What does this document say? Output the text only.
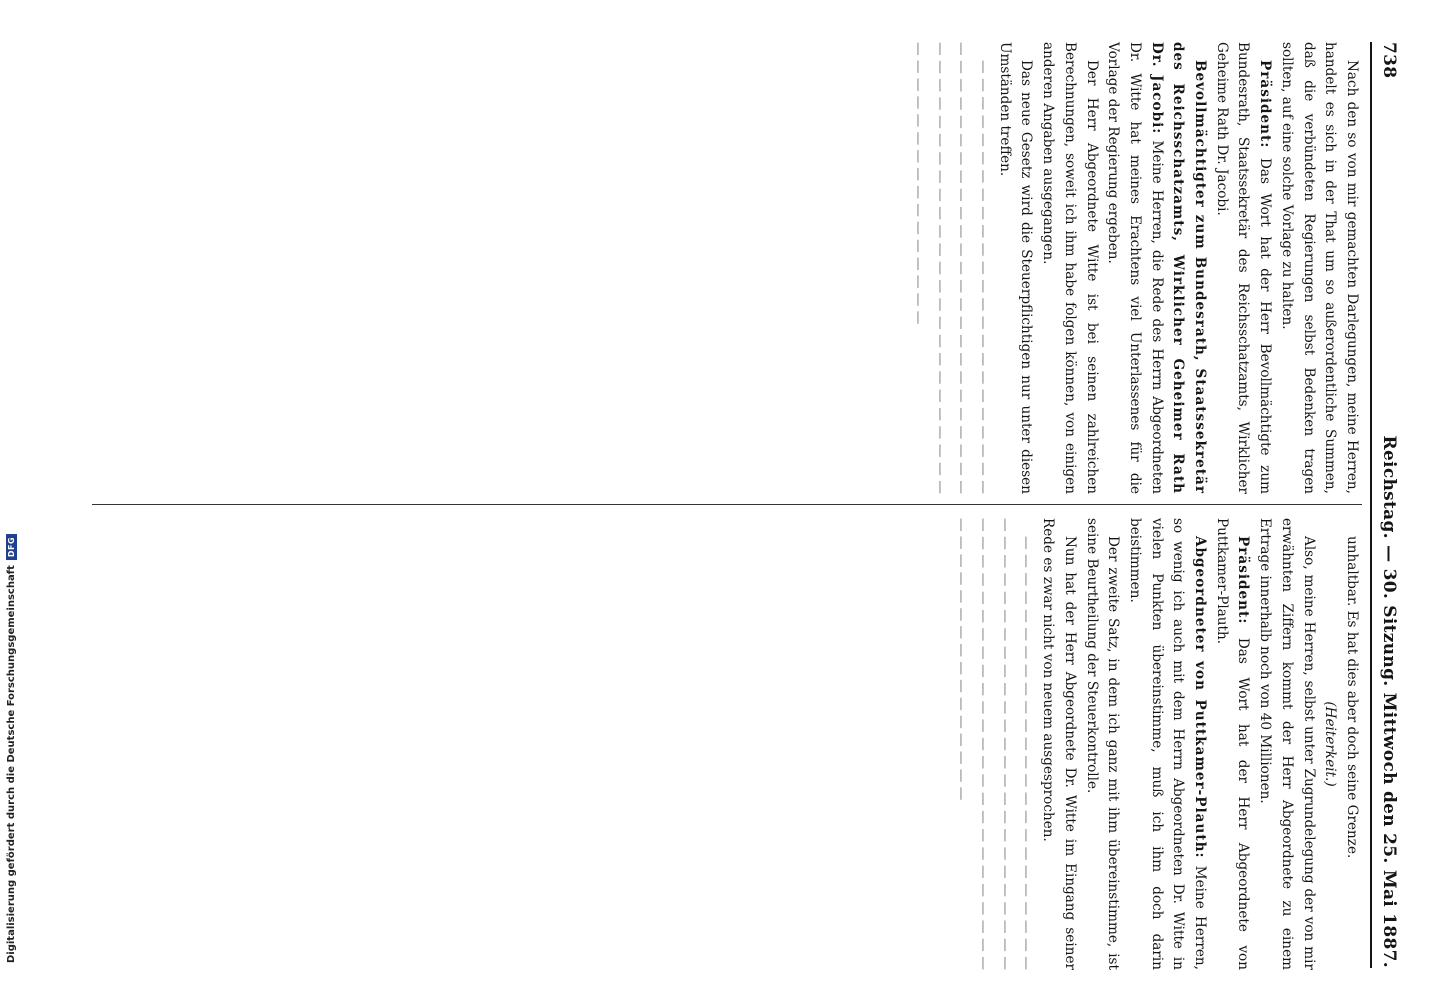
Digitalisierung gefördert durch die Deutsche Forschungsgemeinschaft
DFG
738
Reichstag. — 30. Sitzung. Mittwoch den 25. Mai 1887.

Nach den so von mir gemachten Darlegungen, meine Herren, handelt es sich in der That um so außerordentliche Summen, daß die verbündeten Regierungen selbst Bedenken tragen sollten, auf eine solche Vorlage zu halten.

Präsident: Das Wort hat der Herr Bevollmächtigte zum Bundesrath, Staatssekretär des Reichsschatzamts, Wirklicher Geheime Rath Dr. Jacobi.

Bevollmächtigter zum Bundesrath, Staatssekretär des Reichsschatzamts, Wirklicher Geheimer Rath Dr. Jacobi: Meine Herren, die Rede des Herrn Abgeordneten Dr. Witte hat meines Erachtens viel Unterlassenes für die Vorlage der Regierung ergeben.

Der Herr Abgeordnete Witte ist bei seinen zahlreichen Berechnungen, soweit ich ihm habe folgen können, von einigen anderen Angaben ausgegangen.

Das neue Gesetz wird die Steuerpflichtigen nur unter diesen Umständen treffen.

— — — — — — — — — — — — — — — — — — — — — — — — — — — — — — — — — — — — — — — — — — — — — — — — — — — — — — — — — — — — — — — — — — — — — — — — — — — — — — — — — — — — — — — — — —

unhaltbar. Es hat dies aber doch seine Grenze.

(Heiterkeit.)

Also, meine Herren, selbst unter Zugrundelegung der von mir erwähnten Ziffern kommt der Herr Abgeordnete zu einem Ertrage innerhalb noch von 40 Millionen.

Präsident: Das Wort hat der Herr Abgeordnete von Puttkamer-Plauth.

Abgeordneter von Puttkamer-Plauth: Meine Herren, so wenig ich auch mit dem Herrn Abgeordneten Dr. Witte in vielen Punkten übereinstimme, muß ich ihm doch darin beistimmen.

Der zweite Satz, in dem ich ganz mit ihm übereinstimme, ist seine Beurtheilung der Steuerkontrolle.

Nun hat der Herr Abgeordnete Dr. Witte im Eingang seiner Rede es zwar nicht von neuem ausgesprochen.

— — — — — — — — — — — — — — — — — — — — — — — — — — — — — — — — — — — — — — — — — — — — — — — — — — — — — — — — — — — — — — — — — — — — — — — — — — — — — — — — — — — — — — — — — —
